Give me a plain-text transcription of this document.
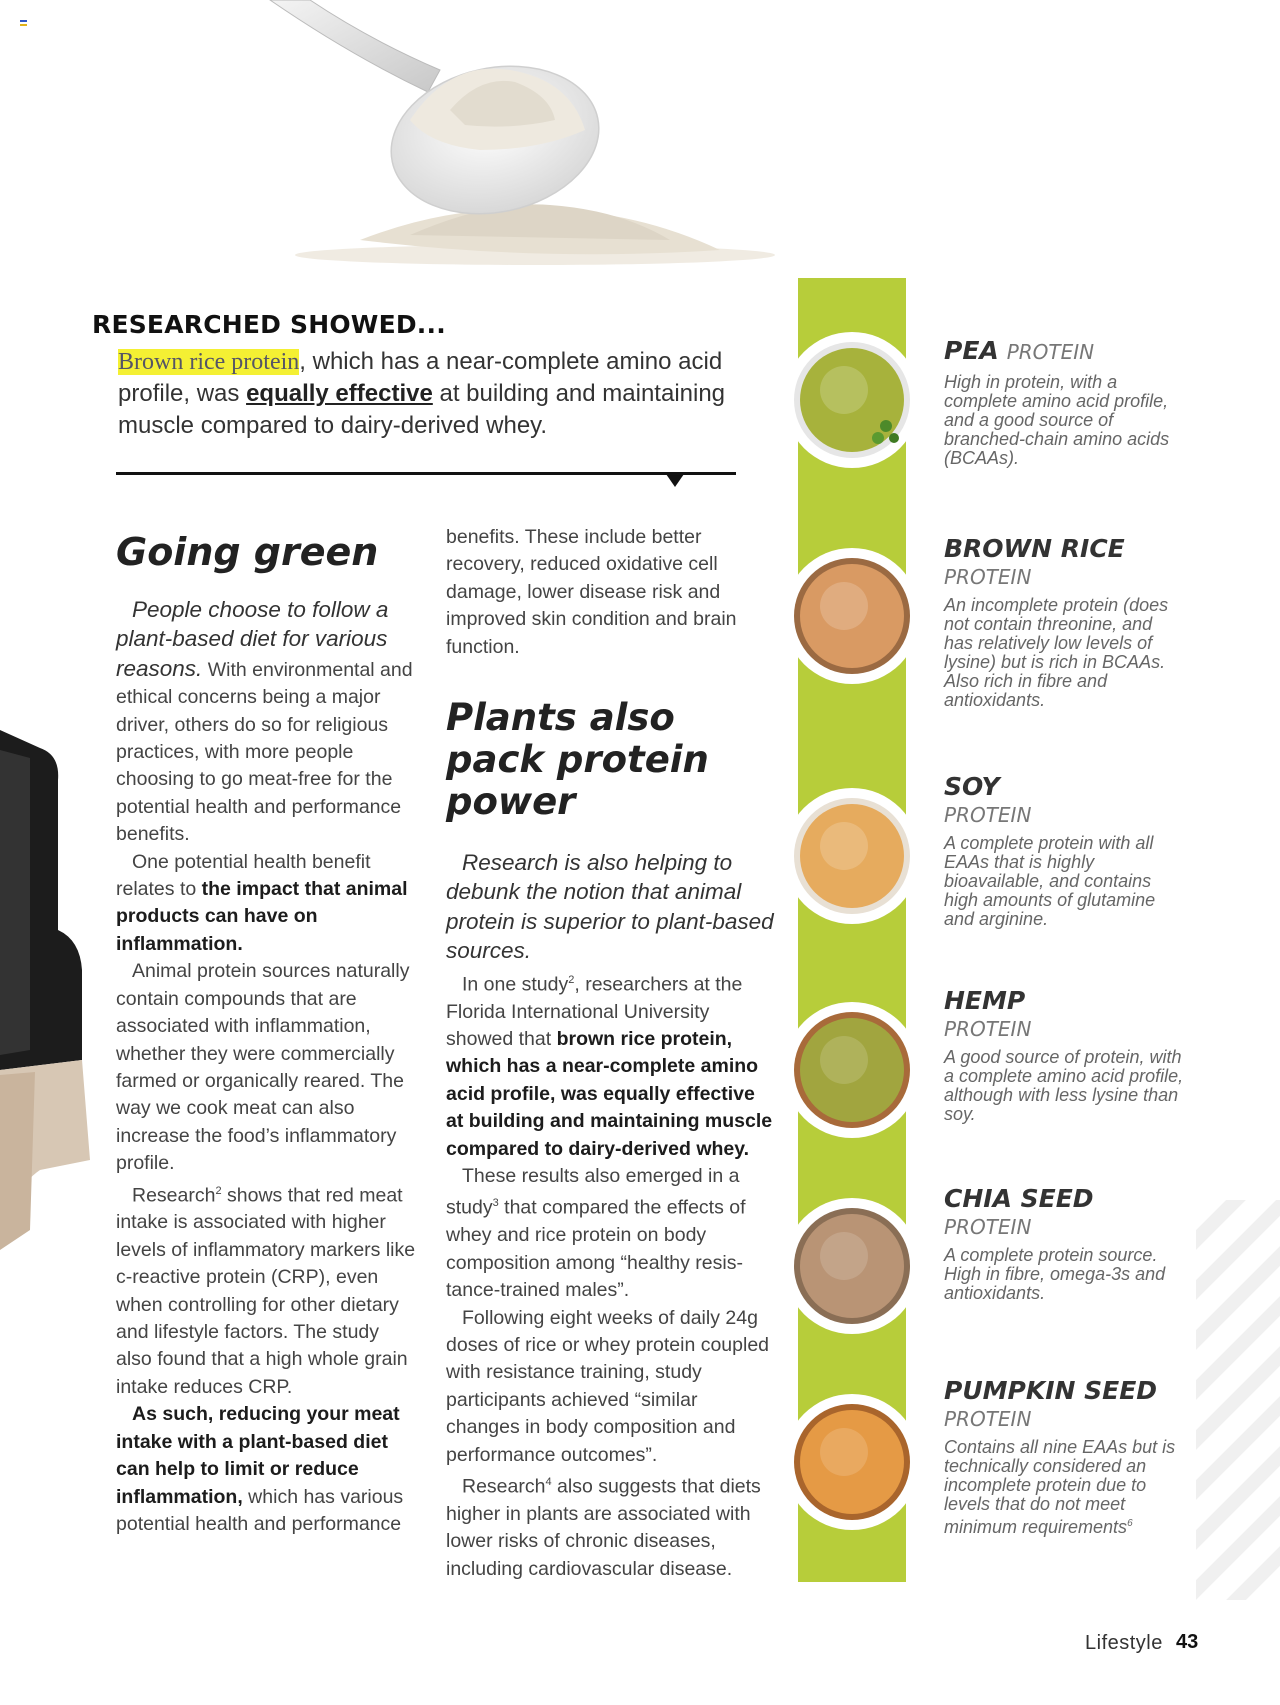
RESEARCHED SHOWED...

Brown rice protein, which has a near-complete amino acid profile, was equally effective at building and maintaining muscle compared to dairy-derived whey.

Going green

People choose to follow a plant-based diet for various reasons. With environmental and ethical concerns being a major driver, others do so for religious practices, with more people choosing to go meat-free for the potential health and performance benefits.

One potential health benefit relates to the impact that animal products can have on inflammation.

Animal protein sources naturally contain compounds that are associated with inflammation, whether they were commercially farmed or organically reared. The way we cook meat can also increase the food’s inflammatory profile.

Research$^2$ shows that red meat intake is associated with higher levels of inflammatory markers like c-reactive protein (CRP), even when controlling for other dietary and lifestyle factors. The study also found that a high whole grain intake reduces CRP.

As such, reducing your meat intake with a plant-based diet can help to limit or reduce inflammation, which has various potential health and performance

benefits. These include better recovery, reduced oxidative cell damage, lower disease risk and improved skin condition and brain function.

Plants also pack protein power

Research is also helping to debunk the notion that animal protein is superior to plant-based sources.

In one study$^2$, researchers at the Florida International University showed that brown rice protein, which has a near-complete amino acid profile, was equally effective at building and maintaining muscle compared to dairy-derived whey.

These results also emerged in a study$^3$ that compared the effects of whey and rice protein on body composition among “healthy resis-tance-trained males”.

Following eight weeks of daily 24g doses of rice or whey protein coupled with resistance training, study participants achieved “similar changes in body composition and performance outcomes”.

Research$^4$ also suggests that diets higher in plants are associated with lower risks of chronic diseases, including cardiovascular disease.

PEA PROTEIN

High in protein, with a complete amino acid profile, and a good source of branched-chain amino acids (BCAAs).

BROWN RICE
PROTEIN

An incomplete protein (does not contain threonine, and has relatively low levels of lysine) but is rich in BCAAs. Also rich in fibre and antioxidants.

SOY
PROTEIN

A complete protein with all EAAs that is highly bioavailable, and contains high amounts of glutamine and arginine.

HEMP
PROTEIN

A good source of protein, with a complete amino acid profile, although with less lysine than soy.

CHIA SEED
PROTEIN

A complete protein source. High in fibre, omega-3s and antioxidants.

PUMPKIN SEED
PROTEIN

Contains all nine EAAs but is technically considered an incomplete protein due to levels that do not meet minimum requirements$^6$

Lifestyle 43
